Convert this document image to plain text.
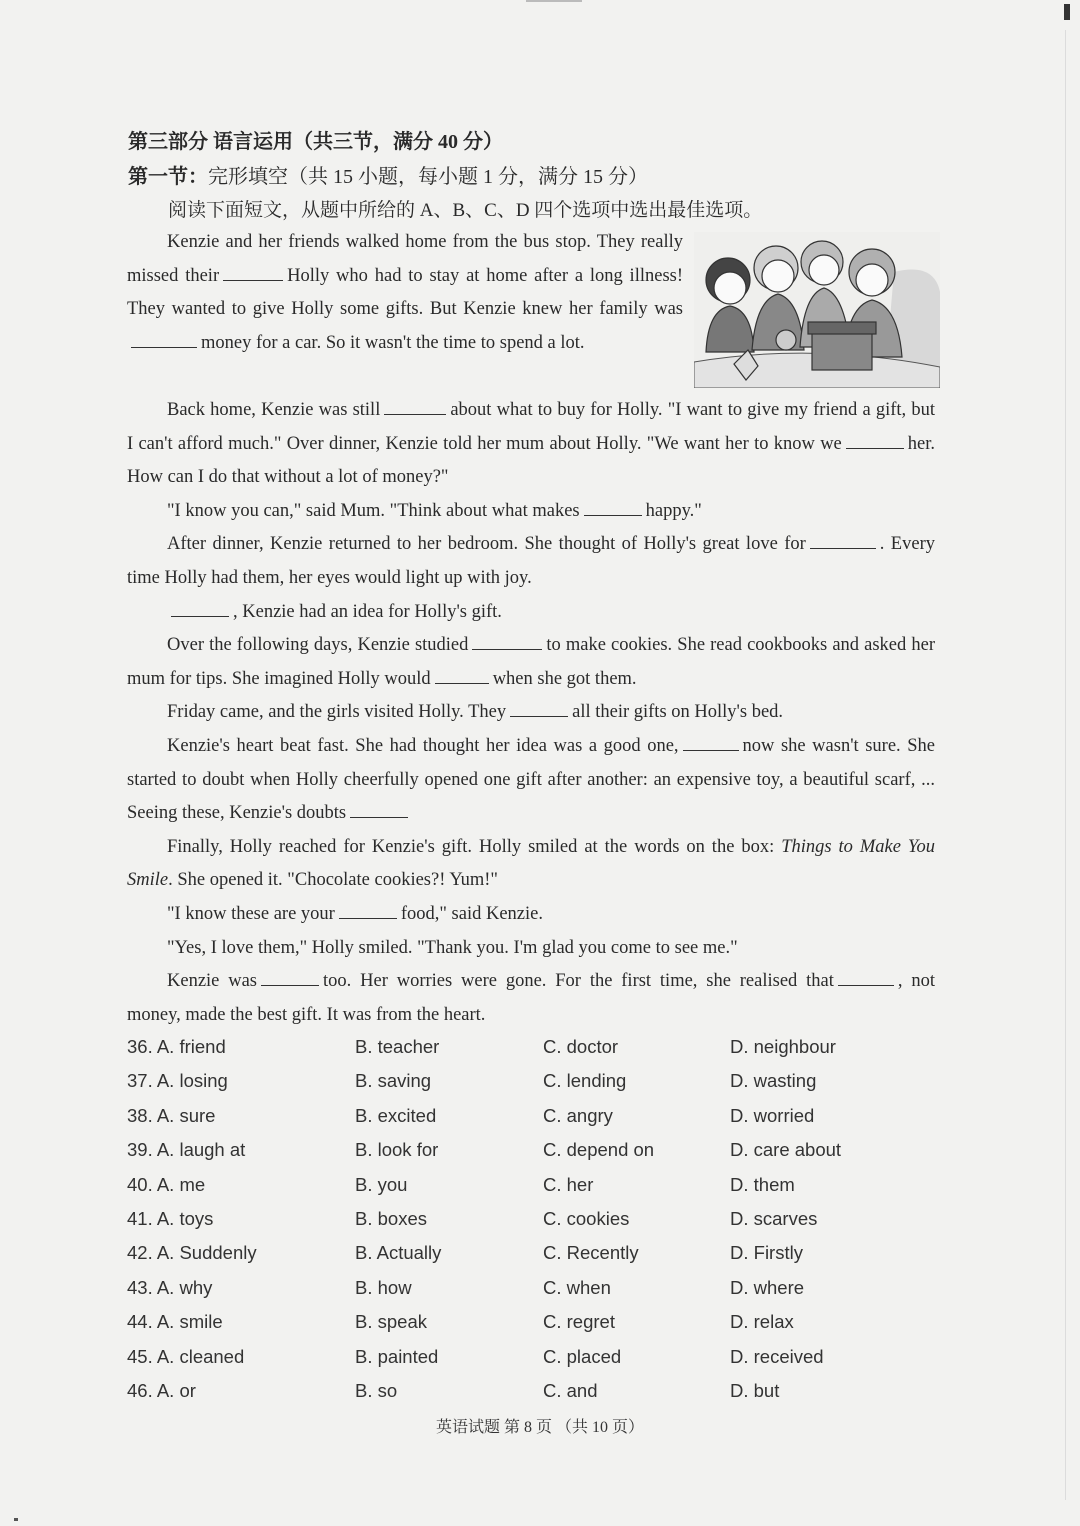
第三部分 语言运用（共三节，满分 40 分）
第一节：完形填空（共 15 小题，每小题 1 分，满分 15 分）
阅读下面短文，从题中所给的 A、B、C、D 四个选项中选出最佳选项。

Kenzie and her friends walked home from the bus stop. They really missed their	Holly who had to stay at home after a long illness! They wanted to give Holly some gifts. But Kenzie knew her family wasmoney for a car. So it wasn't the time to spend a lot.

Back home, Kenzie was still	about what to buy for Holly. "I want to give my friend a gift, but I can't afford much." Over dinner, Kenzie told her mum about Holly. "We want her to know we	her. How can I do that without a lot of money?"

"I know you can," said Mum. "Think about what makes	happy."

After dinner, Kenzie returned to her bedroom. She thought of Holly's great love for	. Every time Holly had them, her eyes would light up with joy.

, Kenzie had an idea for Holly's gift.

Over the following days, Kenzie studied	to make cookies. She read cookbooks and asked her mum for tips. She imagined Holly would	when she got them.

Friday came, and the girls visited Holly. They	all their gifts on Holly's bed.

Kenzie's heart beat fast. She had thought her idea was a good one,	now she wasn't sure. She started to doubt when Holly cheerfully opened one gift after another: an expensive toy, a beautiful scarf, ... Seeing these, Kenzie's doubts

Finally, Holly reached for Kenzie's gift. Holly smiled at the words on the box: Things to Make You Smile. She opened it. "Chocolate cookies?! Yum!"

"I know these are your	food," said Kenzie.

"Yes, I love them," Holly smiled. "Thank you. I'm glad you come to see me."

Kenzie was	too. Her worries were gone. For the first time, she realised that	, not money, made the best gift. It was from the heart.

36. A. friend	B. teacher	C. doctor	D. neighbour
37. A. losing	B. saving	C. lending	D. wasting
38. A. sure	B. excited	C. angry	D. worried
39. A. laugh at	B. look for	C. depend on	D. care about
40. A. me	B. you	C. her	D. them
41. A. toys	B. boxes	C. cookies	D. scarves
42. A. Suddenly	B. Actually	C. Recently	D. Firstly
43. A. why	B. how	C. when	D. where
44. A. smile	B. speak	C. regret	D. relax
45. A. cleaned	B. painted	C. placed	D. received
46. A. or	B. so	C. and	D. but
英语试题 第 8 页 （共 10 页）
